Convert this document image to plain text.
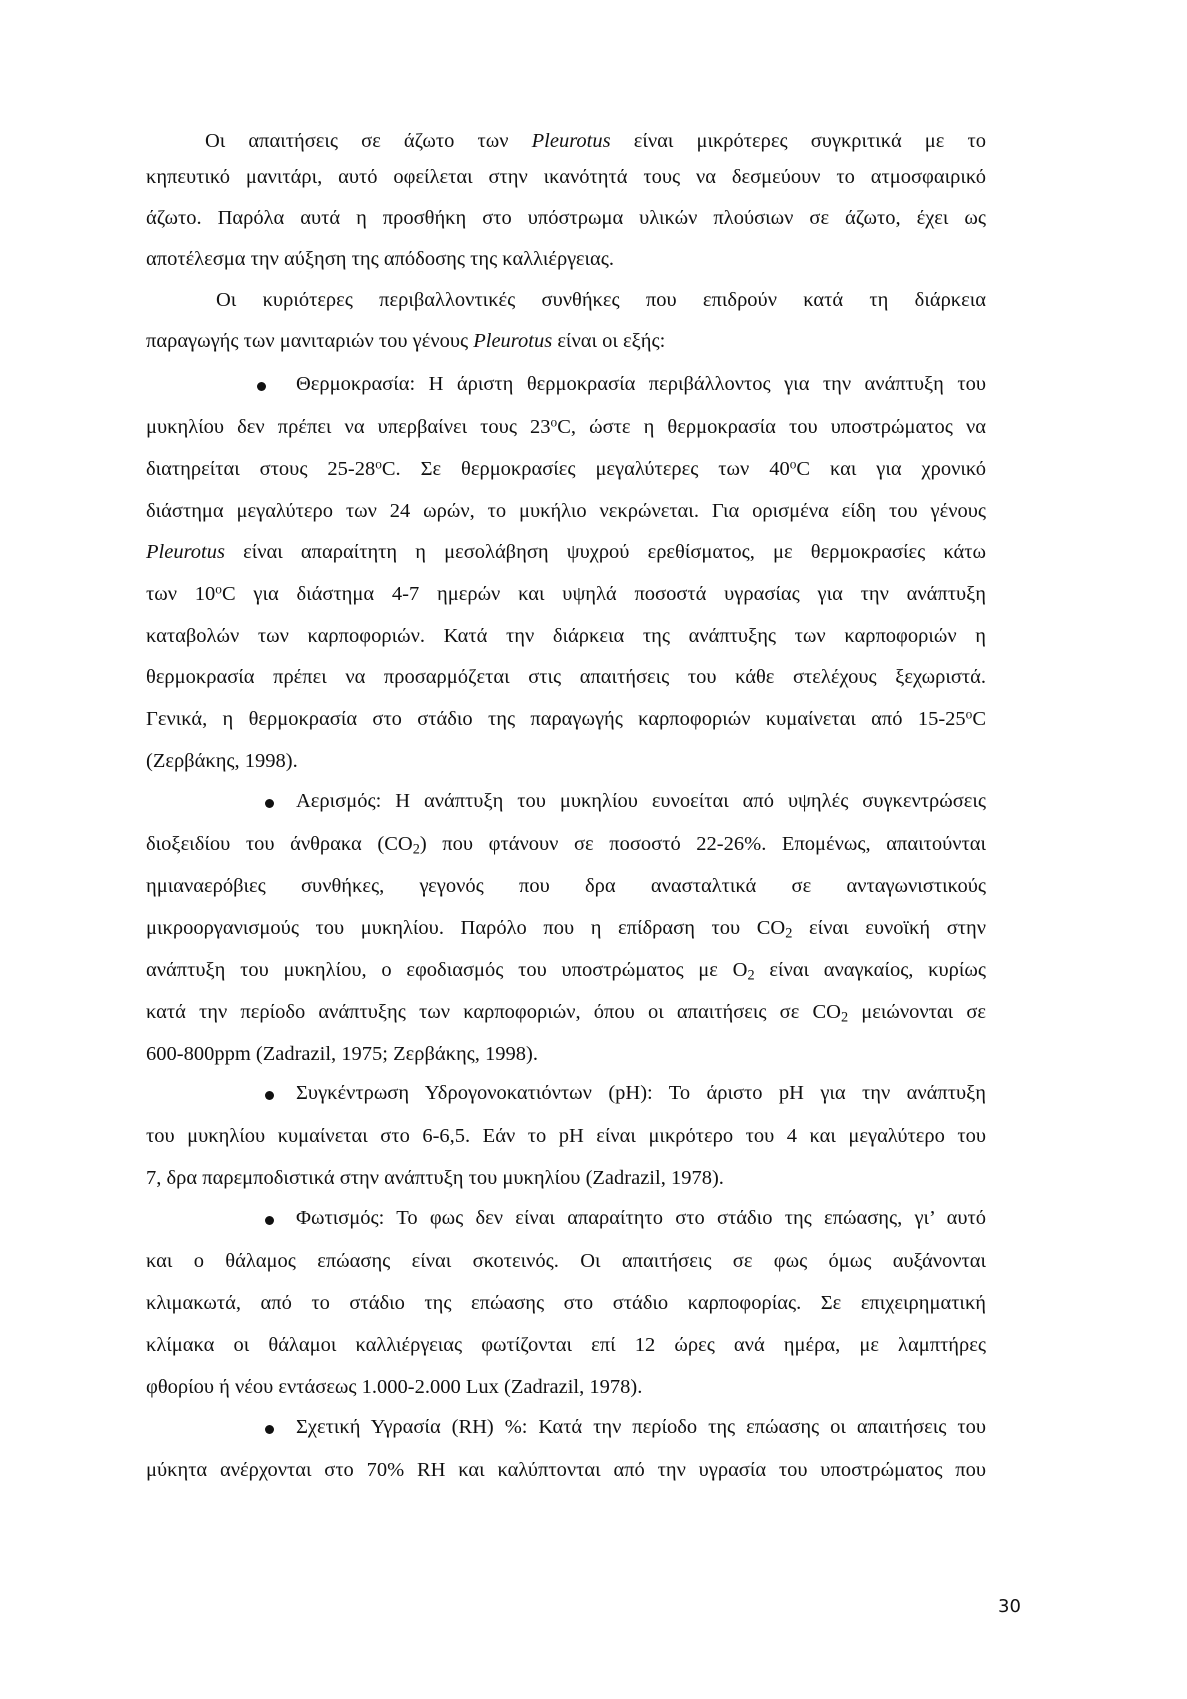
Οι απαιτήσεις σε άζωτο των Pleurotus είναι μικρότερες συγκριτικά με το
κηπευτικό μανιτάρι, αυτό οφείλεται στην ικανότητά τους να δεσμεύουν το ατμοσφαιρικό
άζωτο. Παρόλα αυτά η προσθήκη στο υπόστρωμα υλικών πλούσιων σε άζωτο, έχει ως
αποτέλεσμα την αύξηση της απόδοσης της καλλιέργειας.
Οι κυριότερες περιβαλλοντικές συνθήκες που επιδρούν κατά τη διάρκεια
παραγωγής των μανιταριών του γένους Pleurotus είναι οι εξής:
Θερμοκρασία: Η άριστη θερμοκρασία περιβάλλοντος για την ανάπτυξη του
μυκηλίου δεν πρέπει να υπερβαίνει τους 23$^o$C, ώστε η θερμοκρασία του υποστρώματος να
διατηρείται στους 25-28$^o$C. Σε θερμοκρασίες μεγαλύτερες των 40$^o$C και για χρονικό
διάστημα μεγαλύτερο των 24 ωρών, το μυκήλιο νεκρώνεται. Για ορισμένα είδη του γένους
Pleurotus είναι απαραίτητη η μεσολάβηση ψυχρού ερεθίσματος, με θερμοκρασίες κάτω
των 10$^o$C για διάστημα 4-7 ημερών και υψηλά ποσοστά υγρασίας για την ανάπτυξη
καταβολών των καρποφοριών. Κατά την διάρκεια της ανάπτυξης των καρποφοριών η
θερμοκρασία πρέπει να προσαρμόζεται στις απαιτήσεις του κάθε στελέχους ξεχωριστά.
Γενικά, η θερμοκρασία στο στάδιο της παραγωγής καρποφοριών κυμαίνεται από 15-25$^o$C
(Ζερβάκης, 1998).
Αερισμός: Η ανάπτυξη του μυκηλίου ευνοείται από υψηλές συγκεντρώσεις
διοξειδίου του άνθρακα $(CO_2)$ που φτάνουν σε ποσοστό 22-26%. Επομένως, απαιτούνται
ημιαναερόβιες συνθήκες, γεγονός που δρα ανασταλτικά σε ανταγωνιστικούς
μικροοργανισμούς του μυκηλίου. Παρόλο που η επίδραση του $CO_2$ είναι ευνοϊκή στην
ανάπτυξη του μυκηλίου, ο εφοδιασμός του υποστρώματος με $O_2$ είναι αναγκαίος, κυρίως
κατά την περίοδο ανάπτυξης των καρποφοριών, όπου οι απαιτήσεις σε $CO_2$ μειώνονται σε
600-800ppm (Zadrazil, 1975; Ζερβάκης, 1998).
Συγκέντρωση Υδρογονοκατιόντων (pH): Το άριστο pH για την ανάπτυξη
του μυκηλίου κυμαίνεται στο 6-6,5. Εάν το pH είναι μικρότερο του 4 και μεγαλύτερο του
7, δρα παρεμποδιστικά στην ανάπτυξη του μυκηλίου (Zadrazil, 1978).
Φωτισμός: Το φως δεν είναι απαραίτητο στο στάδιο της επώασης, γι’ αυτό
και ο θάλαμος επώασης είναι σκοτεινός. Οι απαιτήσεις σε φως όμως αυξάνονται
κλιμακωτά, από το στάδιο της επώασης στο στάδιο καρποφορίας. Σε επιχειρηματική
κλίμακα οι θάλαμοι καλλιέργειας φωτίζονται επί 12 ώρες ανά ημέρα, με λαμπτήρες
φθορίου ή νέου εντάσεως 1.000-2.000 Lux (Zadrazil, 1978).
Σχετική Υγρασία (RH) %: Κατά την περίοδο της επώασης οι απαιτήσεις του
μύκητα ανέρχονται στο 70% RH και καλύπτονται από την υγρασία του υποστρώματος που
30
